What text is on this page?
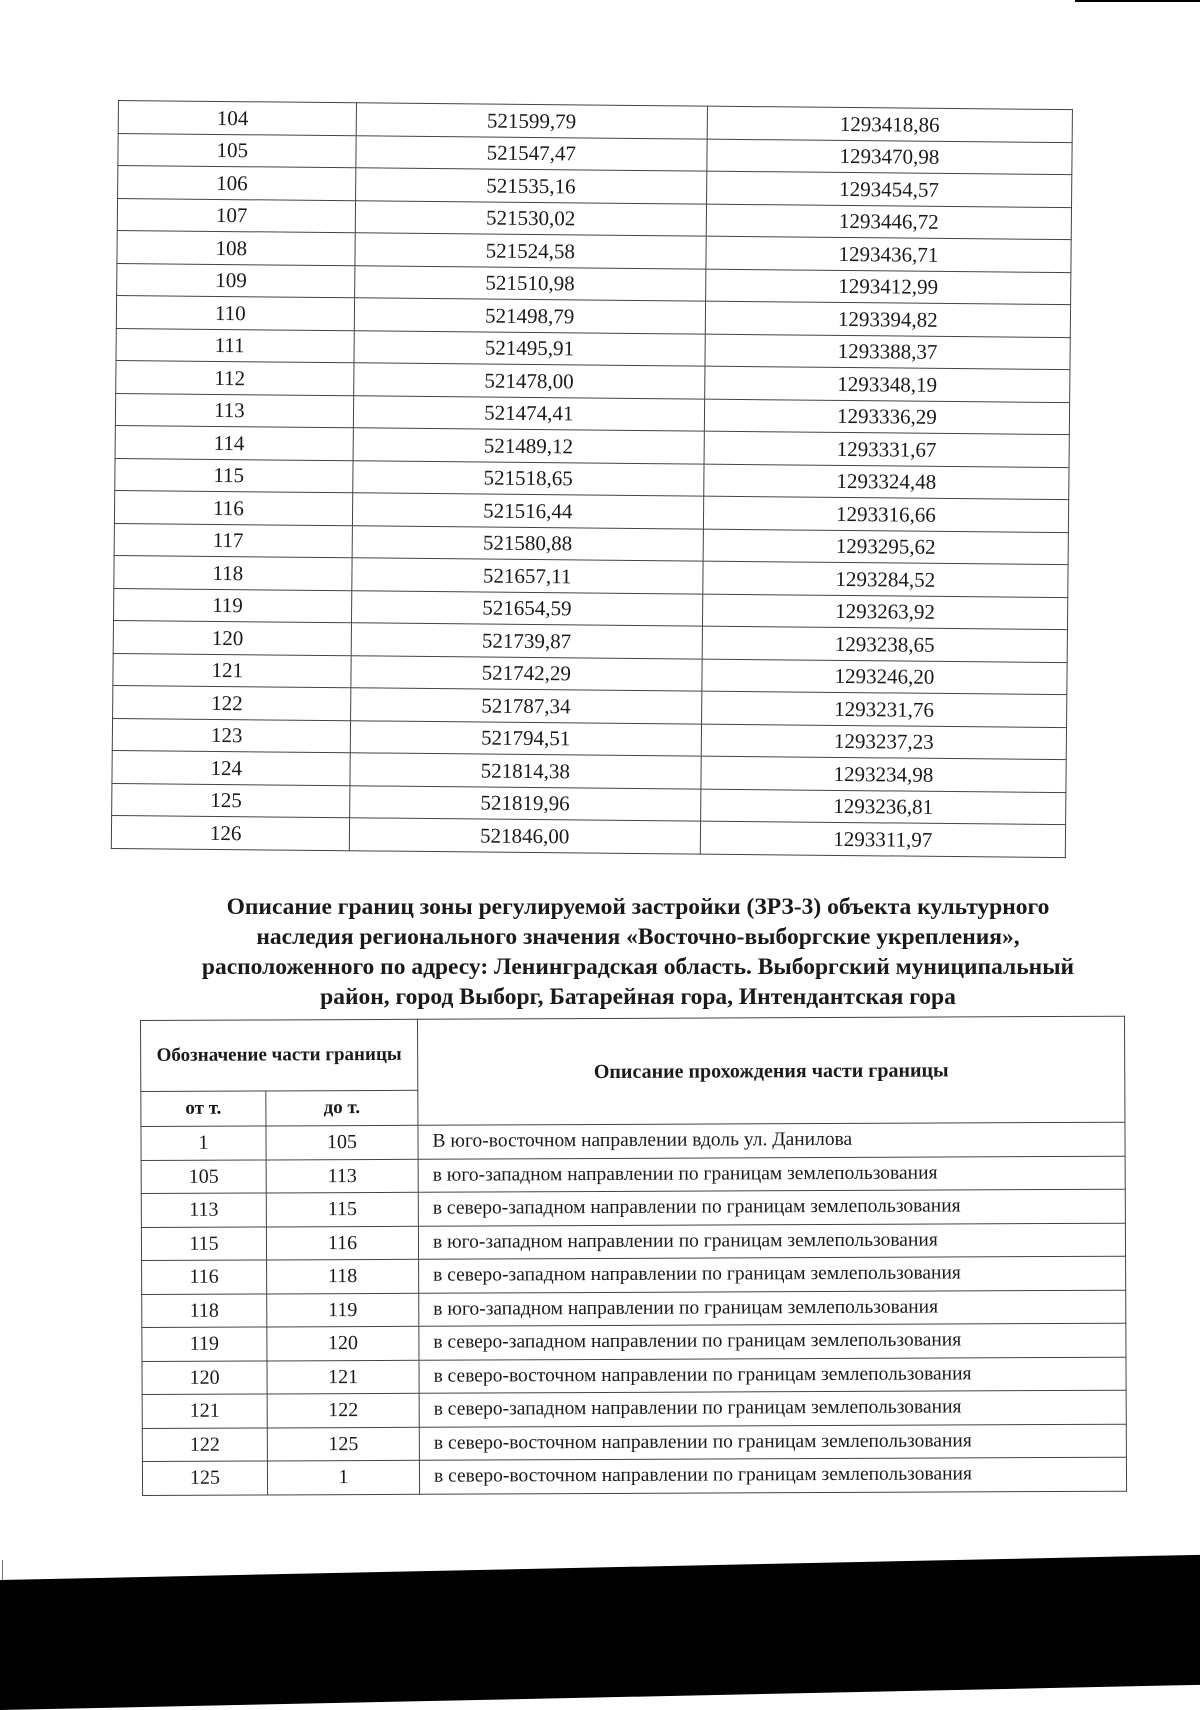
104	521599,79	1293418,86
105	521547,47	1293470,98
106	521535,16	1293454,57
107	521530,02	1293446,72
108	521524,58	1293436,71
109	521510,98	1293412,99
110	521498,79	1293394,82
111	521495,91	1293388,37
112	521478,00	1293348,19
113	521474,41	1293336,29
114	521489,12	1293331,67
115	521518,65	1293324,48
116	521516,44	1293316,66
117	521580,88	1293295,62
118	521657,11	1293284,52
119	521654,59	1293263,92
120	521739,87	1293238,65
121	521742,29	1293246,20
122	521787,34	1293231,76
123	521794,51	1293237,23
124	521814,38	1293234,98
125	521819,96	1293236,81
126	521846,00	1293311,97
Описание границ зоны регулируемой застройки (ЗРЗ-3) объекта культурного
наследия регионального значения «Восточно-выборгские укрепления»,
расположенного по адресу: Ленинградская область. Выборгский муниципальный
район, город Выборг, Батарейная гора, Интендантская гора
Обозначение части границы		Описание прохождения части границы
от т.	до т.	
1	105	В юго-восточном направлении вдоль ул. Данилова
105	113	в юго-западном направлении по границам землепользования
113	115	в северо-западном направлении по границам землепользования
115	116	в юго-западном направлении по границам землепользования
116	118	в северо-западном направлении по границам землепользования
118	119	в юго-западном направлении по границам землепользования
119	120	в северо-западном направлении по границам землепользования
120	121	в северо-восточном направлении по границам землепользования
121	122	в северо-западном направлении по границам землепользования
122	125	в северо-восточном направлении по границам землепользования
125	1	в северо-восточном направлении по границам землепользования
